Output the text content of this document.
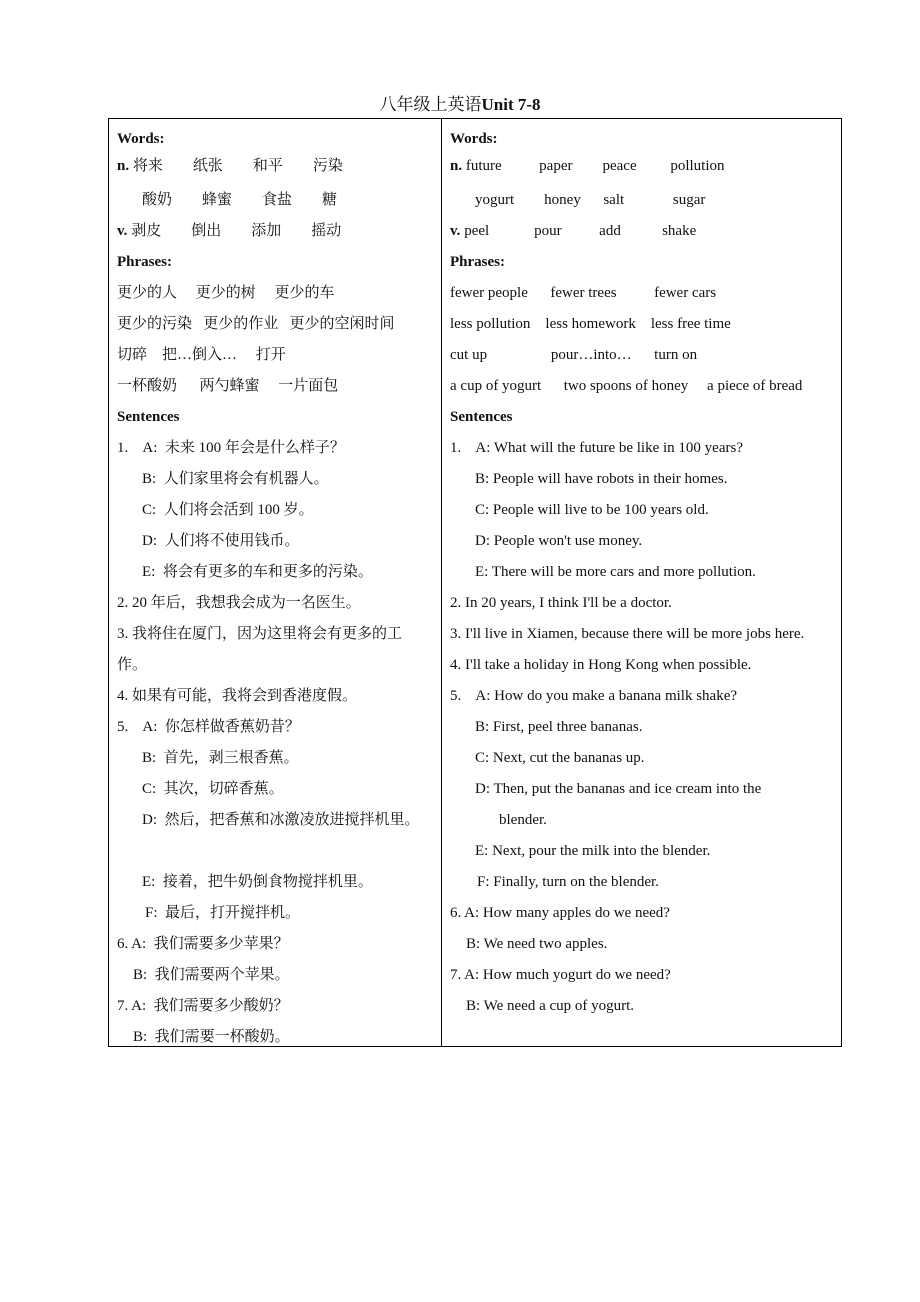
八年级上英语Unit 7-8
Words:
n. 将来        纸张        和平        污染
酸奶        蜂蜜        食盐        糖
v. 剥皮        倒出        添加        摇动
Phrases:
更少的人     更少的树     更少的车
更少的污染   更少的作业   更少的空闲时间
切碎    把…倒入…     打开
一杯酸奶      两勺蜂蜜     一片面包
Sentences
1.    A:  未来 100 年会是什么样子？
B:  人们家里将会有机器人。
C:  人们将会活到 100 岁。
D:  人们将不使用钱币。
E:  将会有更多的车和更多的污染。
2. 20 年后，我想我会成为一名医生。
3. 我将住在厦门，因为这里将会有更多的工
作。
4. 如果有可能，我将会到香港度假。
5.    A:  你怎样做香蕉奶昔？
B:  首先，剥三根香蕉。
C:  其次，切碎香蕉。
D:  然后，把香蕉和冰激凌放进搅拌机里。
E:  接着，把牛奶倒食物搅拌机里。
F:  最后，打开搅拌机。
6. A:  我们需要多少苹果？
B:  我们需要两个苹果。
7. A:  我们需要多少酸奶？
B:  我们需要一杯酸奶。
Words:
n. future          paper        peace         pollution
yogurt        honey      salt             sugar
v. peel            pour          add           shake
Phrases:
fewer people      fewer trees          fewer cars
less pollution    less homework    less free time
cut up                 pour…into…      turn on
a cup of yogurt      two spoons of honey     a piece of bread
Sentences
1.    A: What will the future be like in 100 years?
B: People will have robots in their homes.
C: People will live to be 100 years old.
D: People won't use money.
E: There will be more cars and more pollution.
2. In 20 years, I think I'll be a doctor.
3. I'll live in Xiamen, because there will be more jobs here.
4. I'll take a holiday in Hong Kong when possible.
5.    A: How do you make a banana milk shake?
B: First, peel three bananas.
C: Next, cut the bananas up.
D: Then, put the bananas and ice cream into the
blender.
E: Next, pour the milk into the blender.
F: Finally, turn on the blender.
6. A: How many apples do we need?
B: We need two apples.
7. A: How much yogurt do we need?
B: We need a cup of yogurt.
